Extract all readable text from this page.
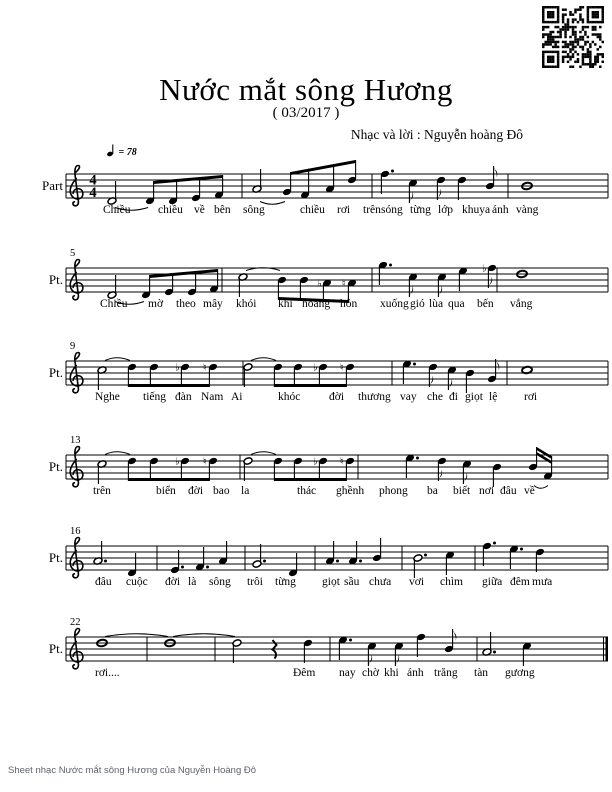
Nước mắt sông Hương
( 03/2017 )
Nhạc và lời : Nguyễn hoàng Đô
= 78
Part 4
4
Chiều chiều về bên sông	chiều rơi trên sóng từng lớp khuya ánh vàng
Pt.
5
♭ ♮
♭
Chiều mờ theo mây khói khi hoàng hôn xuống gió lùa qua bến vắng
Pt.
9
♭ ♮	♭ ♮
Nghe tiếng đàn Nam Ai	khóc đời thương vay che đi giọt lệ rơi
Pt.
13
♭ ♮	♭ ♮
trên	biển đời bao la	thác ghềnh phong ba biết nơi đâu về
Pt.
16
đâu cuộc đời là sông trôi từng giọt sầu chưa vơi chìm giữa đêm mưa
Pt.
22
rơi....	Đêm nay chờ khi ánh trăng tàn gương
Sheet nhạc Nước mắt sông Hương của Nguyễn Hoàng Đô
